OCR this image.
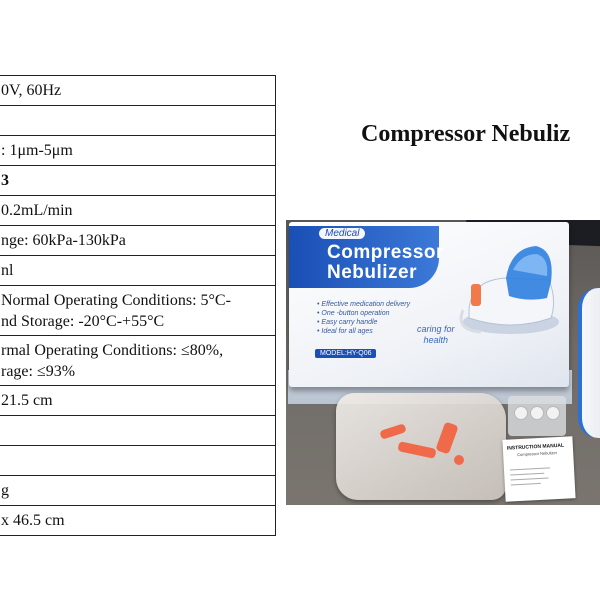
0V, 60Hz

: 1μm-5μm

3

0.2mL/min

nge: 60kPa-130kPa

nl

Normal Operating Conditions: 5°C-
nd Storage: -20°C-+55°C

rmal Operating Conditions: ≤80%,
rage: ≤93%

21.5 cm

g

x 46.5 cm
Compressor Nebuliz
Medical
Compressor
Nebulizer
• Effective medication delivery
• One -button operation
• Easy carry handle
• Ideal for all ages	caring for
health
MODEL:HY-Q06
INSTRUCTION MANUAL
Compressor Nebulizer
